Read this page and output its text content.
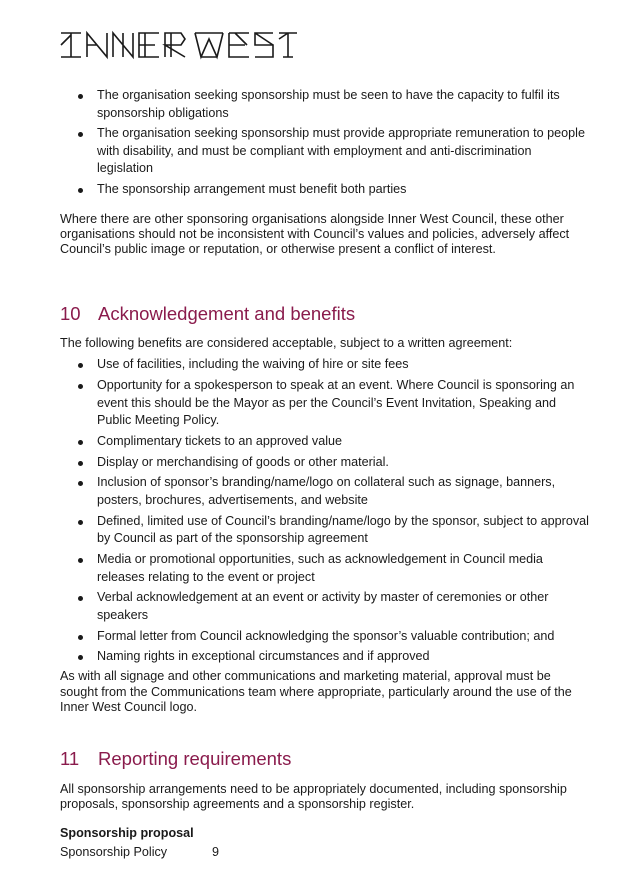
The organisation seeking sponsorship must be seen to have the capacity to fulfil its sponsorship obligations
The organisation seeking sponsorship must provide appropriate remuneration to people with disability, and must be compliant with employment and anti-discrimination legislation
The sponsorship arrangement must benefit both parties

Where there are other sponsoring organisations alongside Inner West Council, these other organisations should not be inconsistent with Council’s values and policies, adversely affect Council’s public image or reputation, or otherwise present a conflict of interest.

10 Acknowledgement and benefits

The following benefits are considered acceptable, subject to a written agreement:

Use of facilities, including the waiving of hire or site fees
Opportunity for a spokesperson to speak at an event. Where Council is sponsoring an event this should be the Mayor as per the Council’s Event Invitation, Speaking and Public Meeting Policy.
Complimentary tickets to an approved value
Display or merchandising of goods or other material.
Inclusion of sponsor’s branding/name/logo on collateral such as signage, banners, posters, brochures, advertisements, and website
Defined, limited use of Council’s branding/name/logo by the sponsor, subject to approval by Council as part of the sponsorship agreement
Media or promotional opportunities, such as acknowledgement in Council media releases relating to the event or project
Verbal acknowledgement at an event or activity by master of ceremonies or other speakers
Formal letter from Council acknowledging the sponsor’s valuable contribution; and
Naming rights in exceptional circumstances and if approved

As with all signage and other communications and marketing material, approval must be sought from the Communications team where appropriate, particularly around the use of the Inner West Council logo.

11 Reporting requirements

All sponsorship arrangements need to be appropriately documented, including sponsorship proposals, sponsorship agreements and a sponsorship register.

Sponsorship proposal

Sponsorship Policy	9
